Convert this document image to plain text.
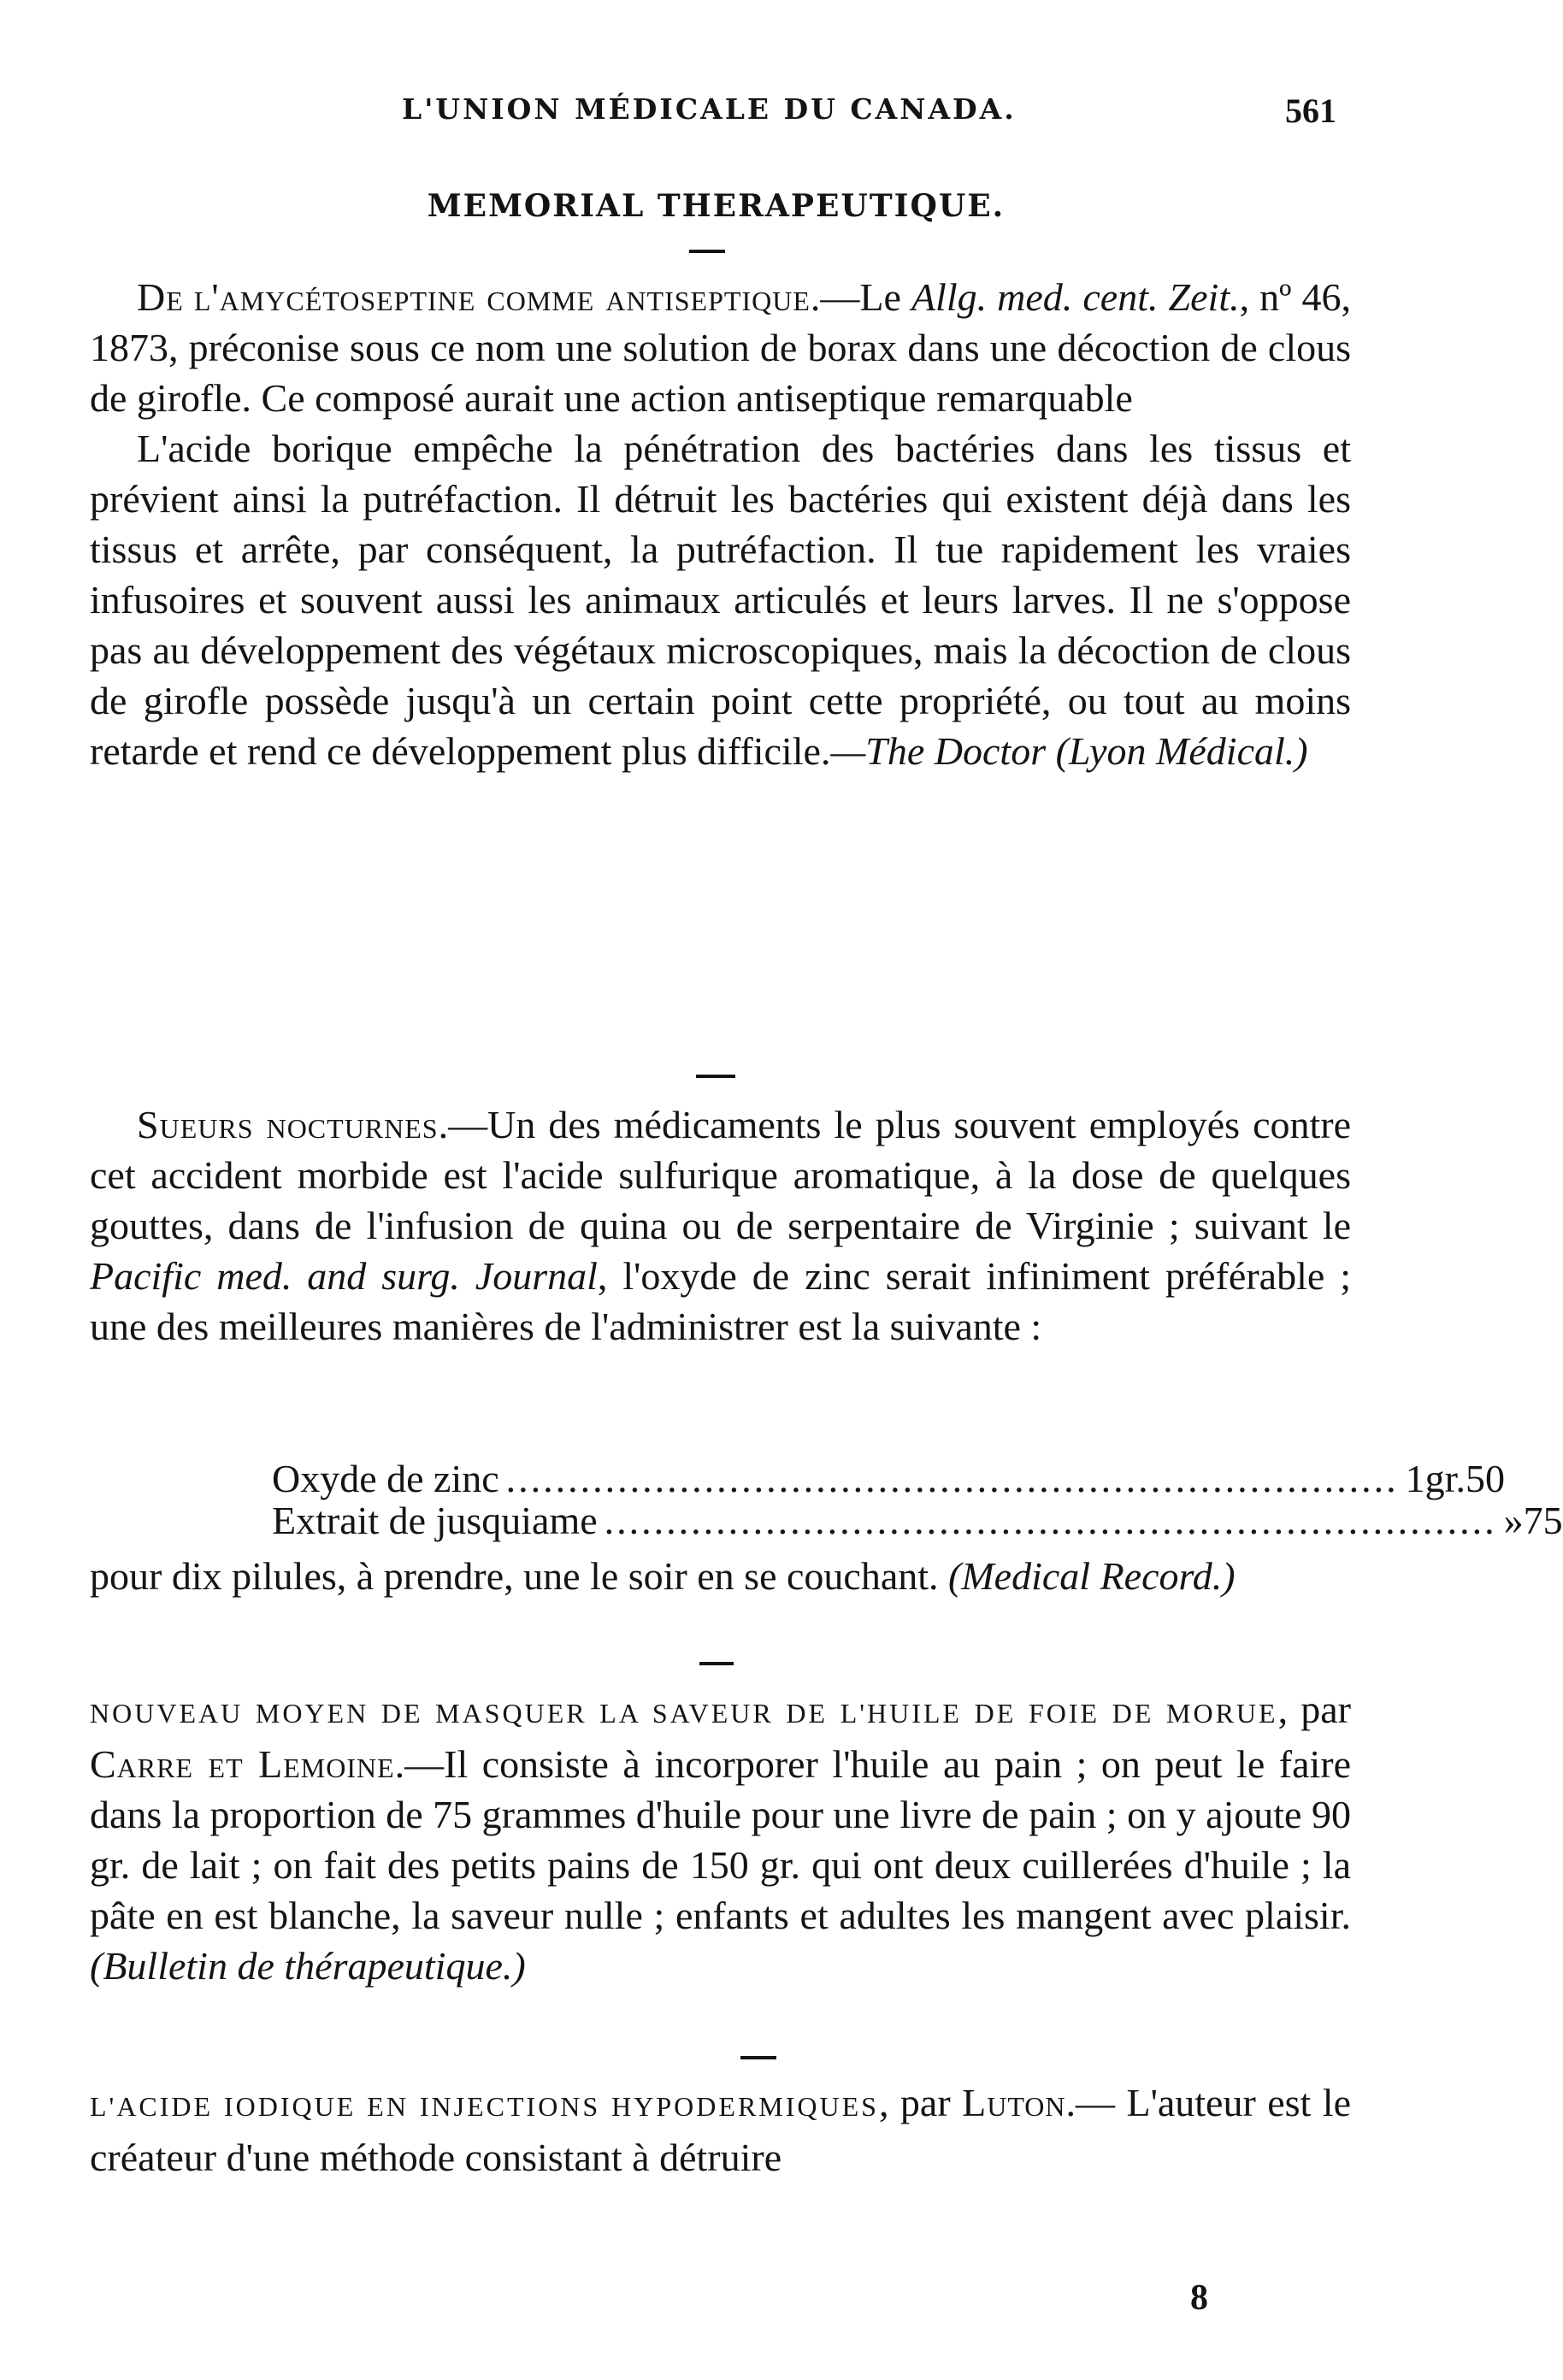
L'UNION MÉDICALE DU CANADA.	561
MEMORIAL THERAPEUTIQUE.

De l'amycétoseptine comme antiseptique.—Le Allg. med. cent. Zeit., nº 46, 1873, préconise sous ce nom une solution de borax dans une décoction de clous de girofle. Ce composé aurait une action antiseptique remarquable

L'acide borique empêche la pénétration des bactéries dans les tissus et prévient ainsi la putréfaction. Il détruit les bactéries qui existent déjà dans les tissus et arrête, par conséquent, la putréfaction. Il tue rapidement les vraies infusoires et souvent aussi les animaux articulés et leurs larves. Il ne s'oppose pas au développement des végétaux microscopiques, mais la décoction de clous de girofle possède jusqu'à un certain point cette propriété, ou tout au moins retarde et rend ce développement plus difficile.—The Doctor (Lyon Médical.)

Sueurs nocturnes.—Un des médicaments le plus souvent employés contre cet accident morbide est l'acide sulfurique aromatique, à la dose de quelques gouttes, dans de l'infusion de quina ou de serpentaire de Virginie ; suivant le Pacific med. and surg. Journal, l'oxyde de zinc serait infiniment préférable ; une des meilleures manières de l'administrer est la suivante :

Oxyde de zinc ........................................................................ 1 gr. 50
Extrait de jusquiame ........................................................................ » 75

pour dix pilules, à prendre, une le soir en se couchant. (Medical Record.)

NOUVEAU MOYEN DE MASQUER LA SAVEUR DE L'HUILE DE FOIE DE MORUE, par Carre et Lemoine.—Il consiste à incorporer l'huile au pain ; on peut le faire dans la proportion de 75 grammes d'huile pour une livre de pain ; on y ajoute 90 gr. de lait ; on fait des petits pains de 150 gr. qui ont deux cuillerées d'huile ; la pâte en est blanche, la saveur nulle ; enfants et adultes les mangent avec plaisir. (Bulletin de thérapeutique.)

L'ACIDE IODIQUE EN INJECTIONS HYPODERMIQUES, par Luton.— L'auteur est le créateur d'une méthode consistant à détruire

8
